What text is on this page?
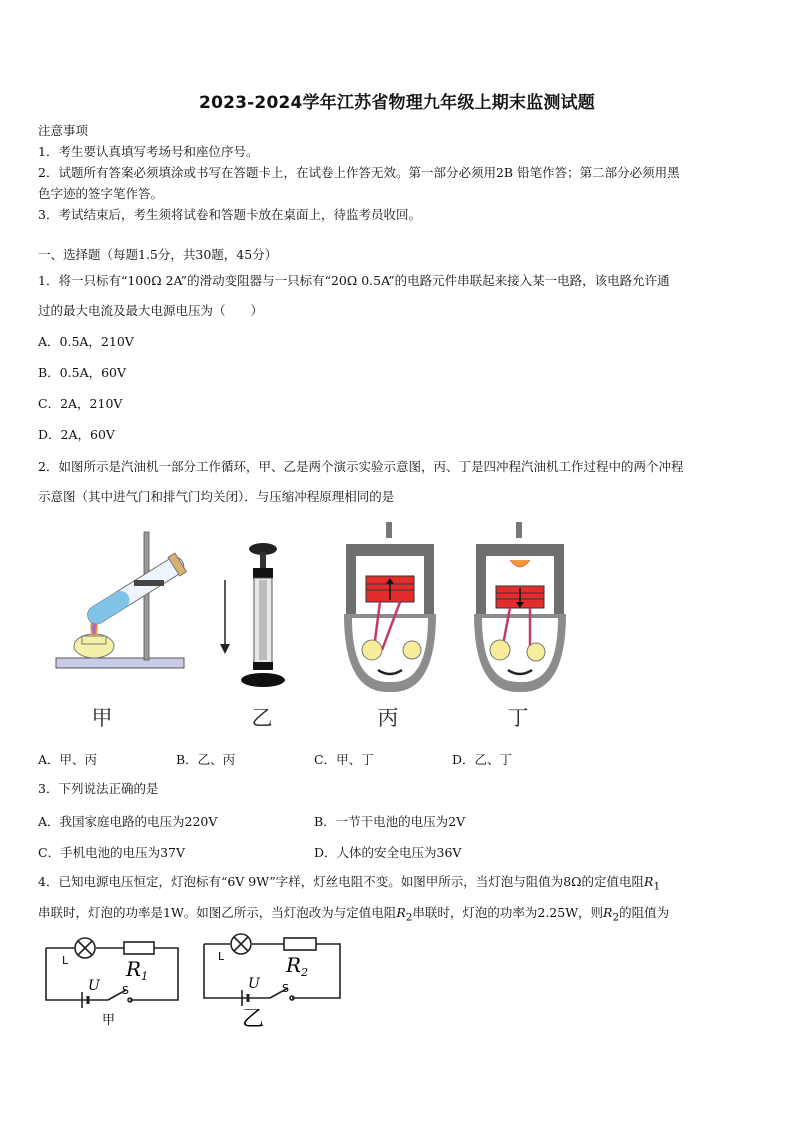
2023-2024学年江苏省物理九年级上期末监测试题
注意事项
1．考生要认真填写考场号和座位序号。
2．试题所有答案必须填涂或书写在答题卡上，在试卷上作答无效。第一部分必须用2B 铅笔作答；第二部分必须用黑
色字迹的签字笔作答。
3．考试结束后，考生须将试卷和答题卡放在桌面上，待监考员收回。
一、选择题（每题1.5分，共30题，45分）
1．将一只标有“100Ω 2A”的滑动变阻器与一只标有“20Ω 0.5A”的电路元件串联起来接入某一电路，该电路允许通
过的最大电流及最大电源电压为（　　）
A．0.5A，210V
B．0.5A，60V
C．2A，210V
D．2A，60V
2．如图所示是汽油机一部分工作循环，甲、乙是两个演示实验示意图，丙、丁是四冲程汽油机工作过程中的两个冲程
示意图（其中进气门和排气门均关闭）．与压缩冲程原理相同的是
甲	乙	丙	丁
A．甲、丙	B．乙、丙	C．甲、丁	D．乙、丁
3．下列说法正确的是
A．我国家庭电路的电压为220V	B．一节干电池的电压为2V
C．手机电池的电压为37V	D．人体的安全电压为36V
4．已知电源电压恒定，灯泡标有“6V 9W”字样，灯丝电阻不变。如图甲所示，当灯泡与阻值为8Ω的定值电阻$R_1$
串联时，灯泡的功率是1W。如图乙所示，当灯泡改为与定值电阻$R_2$串联时，灯泡的功率为2.25W，则$R_2$的阻值为
L	$R_1$
U S
甲
L	$R_2$
U S
乙
